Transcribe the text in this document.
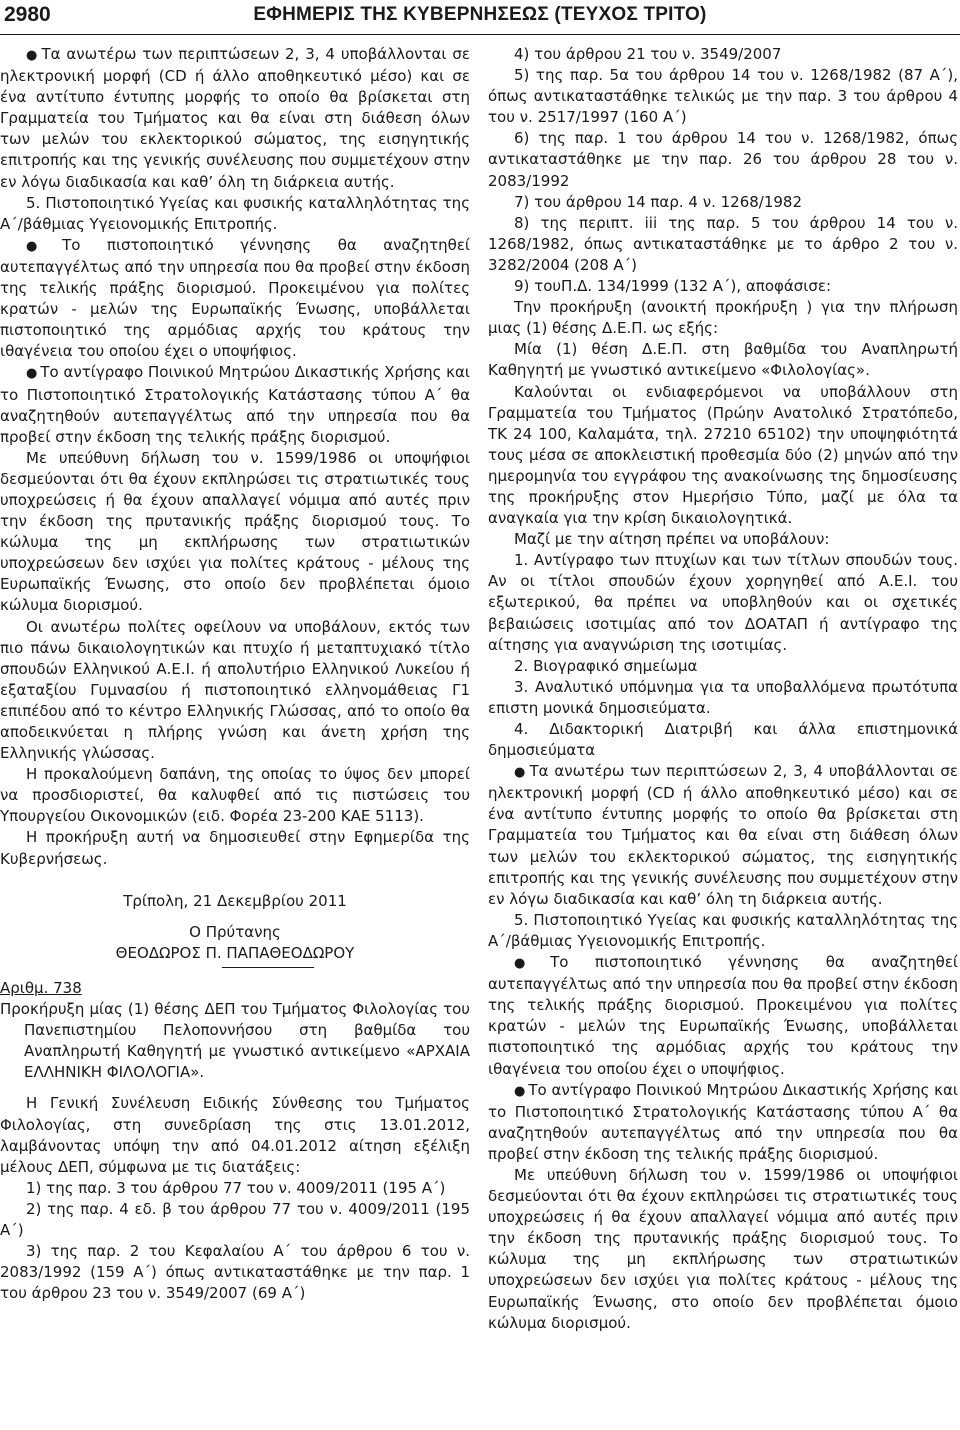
2980	ΕΦΗΜΕΡΙΣ ΤΗΣ ΚΥΒΕΡΝΗΣΕΩΣ (ΤΕΥΧΟΣ ΤΡΙΤΟ)

● Τα ανωτέρω των περιπτώσεων 2, 3, 4 υποβάλλονται σε ηλεκτρονική μορφή (CD ή άλλο αποθηκευτικό μέσο) και σε ένα αντίτυπο έντυπης μορφής το οποίο θα βρίσκεται στη Γραμματεία του Τμήματος και θα είναι στη διάθεση όλων των μελών του εκλεκτορικού σώματος, της εισηγητικής επιτροπής και της γενικής συνέλευσης που συμμετέχουν στην εν λόγω διαδικασία και καθ’ όλη τη διάρκεια αυτής.

5. Πιστοποιητικό Υγείας και φυσικής καταλληλότητας της Α΄/βάθμιας Υγειονομικής Επιτροπής.

● Το πιστοποιητικό γέννησης θα αναζητηθεί αυτεπαγγέλτως από την υπηρεσία που θα προβεί στην έκδοση της τελικής πράξης διορισμού. Προκειμένου για πολίτες κρατών - μελών της Ευρωπαϊκής Ένωσης, υποβάλλεται πιστοποιητικό της αρμόδιας αρχής του κράτους την ιθαγένεια του οποίου έχει ο υποψήφιος.

● Το αντίγραφο Ποινικού Μητρώου Δικαστικής Χρήσης και το Πιστοποιητικό Στρατολογικής Κατάστασης τύπου Α΄ θα αναζητηθούν αυτεπαγγέλτως από την υπηρεσία που θα προβεί στην έκδοση της τελικής πράξης διορισμού.

Με υπεύθυνη δήλωση του ν. 1599/1986 οι υποψήφιοι δεσμεύονται ότι θα έχουν εκπληρώσει τις στρατιωτικές τους υποχρεώσεις ή θα έχουν απαλλαγεί νόμιμα από αυτές πριν την έκδοση της πρυτανικής πράξης διορισμού τους. Το κώλυμα της μη εκπλήρωσης των στρατιωτικών υποχρεώσεων δεν ισχύει για πολίτες κράτους - μέλους της Ευρωπαϊκής Ένωσης, στο οποίο δεν προβλέπεται όμοιο κώλυμα διορισμού.

Οι ανωτέρω πολίτες οφείλουν να υποβάλουν, εκτός των πιο πάνω δικαιολογητικών και πτυχίο ή μεταπτυχιακό τίτλο σπουδών Ελληνικού Α.Ε.Ι. ή απολυτήριο Ελληνικού Λυκείου ή εξαταξίου Γυμνασίου ή πιστοποιητικό ελληνομάθειας Γ1 επιπέδου από το κέντρο Ελληνικής Γλώσσας, από το οποίο θα αποδεικνύεται η πλήρης γνώση και άνετη χρήση της Ελληνικής γλώσσας.

Η προκαλούμενη δαπάνη, της οποίας το ύψος δεν μπορεί να προσδιοριστεί, θα καλυφθεί από τις πιστώσεις του Υπουργείου Οικονομικών (ειδ. Φορέα 23-200 ΚΑΕ 5113).

Η προκήρυξη αυτή να δημοσιευθεί στην Εφημερίδα της Κυβερνήσεως.

Τρίπολη, 21 Δεκεμβρίου 2011

Ο Πρύτανης

ΘΕΟΔΩΡΟΣ Π. ΠΑΠΑΘΕΟΔΩΡΟΥ

Αριθμ. 738

Προκήρυξη μίας (1) θέσης ΔΕΠ του Τμήματος Φιλολογίας του Πανεπιστημίου Πελοποννήσου στη βαθμίδα του Αναπληρωτή Καθηγητή με γνωστικό αντικείμενο «ΑΡΧΑΙΑ ΕΛΛΗΝΙΚΗ ΦΙΛΟΛΟΓΙΑ».

Η Γενική Συνέλευση Ειδικής Σύνθεσης του Τμήματος Φιλολογίας, στη συνεδρίαση της στις 13.01.2012, λαμβάνοντας υπόψη την από 04.01.2012 αίτηση εξέλιξη μέλους ΔΕΠ, σύμφωνα με τις διατάξεις:

1) της παρ. 3 του άρθρου 77 του ν. 4009/2011 (195 Α΄)

2) της παρ. 4 εδ. β του άρθρου 77 του ν. 4009/2011 (195 Α΄)

3) της παρ. 2 του Κεφαλαίου Α΄ του άρθρου 6 του ν. 2083/1992 (159 Α΄) όπως αντικαταστάθηκε με την παρ. 1 του άρθρου 23 του ν. 3549/2007 (69 Α΄)

4) του άρθρου 21 του ν. 3549/2007

5) της παρ. 5α του άρθρου 14 του ν. 1268/1982 (87 Α΄), όπως αντικαταστάθηκε τελικώς με την παρ. 3 του άρθρου 4 του ν. 2517/1997 (160 Α΄)

6) της παρ. 1 του άρθρου 14 του ν. 1268/1982, όπως αντικαταστάθηκε με την παρ. 26 του άρθρου 28 του ν. 2083/1992

7) του άρθρου 14 παρ. 4 ν. 1268/1982

8) της περιπτ. iii της παρ. 5 του άρθρου 14 του ν. 1268/1982, όπως αντικαταστάθηκε με το άρθρο 2 του ν. 3282/2004 (208 Α΄)

9) τουΠ.Δ. 134/1999 (132 Α΄), αποφάσισε:

Την προκήρυξη (ανοικτή προκήρυξη ) για την πλήρωση μιας (1) θέσης Δ.Ε.Π. ως εξής:

Μία (1) θέση Δ.Ε.Π. στη βαθμίδα του Αναπληρωτή Καθηγητή με γνωστικό αντικείμενο «Φιλολογίας».

Καλούνται οι ενδιαφερόμενοι να υποβάλλουν στη Γραμματεία του Τμήματος (Πρώην Ανατολικό Στρατόπεδο, ΤΚ 24 100, Καλαμάτα, τηλ. 27210 65102) την υποψηφιότητά τους μέσα σε αποκλειστική προθεσμία δύο (2) μηνών από την ημερομηνία του εγγράφου της ανακοίνωσης της δημοσίευσης της προκήρυξης στον Ημερήσιο Τύπο, μαζί με όλα τα αναγκαία για την κρίση δικαιολογητικά.

Μαζί με την αίτηση πρέπει να υποβάλουν:

1. Αντίγραφο των πτυχίων και των τίτλων σπουδών τους. Αν οι τίτλοι σπουδών έχουν χορηγηθεί από Α.Ε.Ι. του εξωτερικού, θα πρέπει να υποβληθούν και οι σχετικές βεβαιώσεις ισοτιμίας από τον ΔΟΑΤΑΠ ή αντίγραφο της αίτησης για αναγνώριση της ισοτιμίας.

2. Βιογραφικό σημείωμα

3. Αναλυτικό υπόμνημα για τα υποβαλλόμενα πρωτότυπα επιστη μονικά δημοσιεύματα.

4. Διδακτορική Διατριβή και άλλα επιστημονικά δημοσιεύματα

● Τα ανωτέρω των περιπτώσεων 2, 3, 4 υποβάλλονται σε ηλεκτρονική μορφή (CD ή άλλο αποθηκευτικό μέσο) και σε ένα αντίτυπο έντυπης μορφής το οποίο θα βρίσκεται στη Γραμματεία του Τμήματος και θα είναι στη διάθεση όλων των μελών του εκλεκτορικού σώματος, της εισηγητικής επιτροπής και της γενικής συνέλευσης που συμμετέχουν στην εν λόγω διαδικασία και καθ’ όλη τη διάρκεια αυτής.

5. Πιστοποιητικό Υγείας και φυσικής καταλληλότητας της Α΄/βάθμιας Υγειονομικής Επιτροπής.

● Το πιστοποιητικό γέννησης θα αναζητηθεί αυτεπαγγέλτως από την υπηρεσία που θα προβεί στην έκδοση της τελικής πράξης διορισμού. Προκειμένου για πολίτες κρατών - μελών της Ευρωπαϊκής Ένωσης, υποβάλλεται πιστοποιητικό της αρμόδιας αρχής του κράτους την ιθαγένεια του οποίου έχει ο υποψήφιος.

● Το αντίγραφο Ποινικού Μητρώου Δικαστικής Χρήσης και το Πιστοποιητικό Στρατολογικής Κατάστασης τύπου Α΄ θα αναζητηθούν αυτεπαγγέλτως από την υπηρεσία που θα προβεί στην έκδοση της τελικής πράξης διορισμού.

Με υπεύθυνη δήλωση του ν. 1599/1986 οι υποψήφιοι δεσμεύονται ότι θα έχουν εκπληρώσει τις στρατιωτικές τους υποχρεώσεις ή θα έχουν απαλλαγεί νόμιμα από αυτές πριν την έκδοση της πρυτανικής πράξης διορισμού τους. Το κώλυμα της μη εκπλήρωσης των στρατιωτικών υποχρεώσεων δεν ισχύει για πολίτες κράτους - μέλους της Ευρωπαϊκής Ένωσης, στο οποίο δεν προβλέπεται όμοιο κώλυμα διορισμού.
